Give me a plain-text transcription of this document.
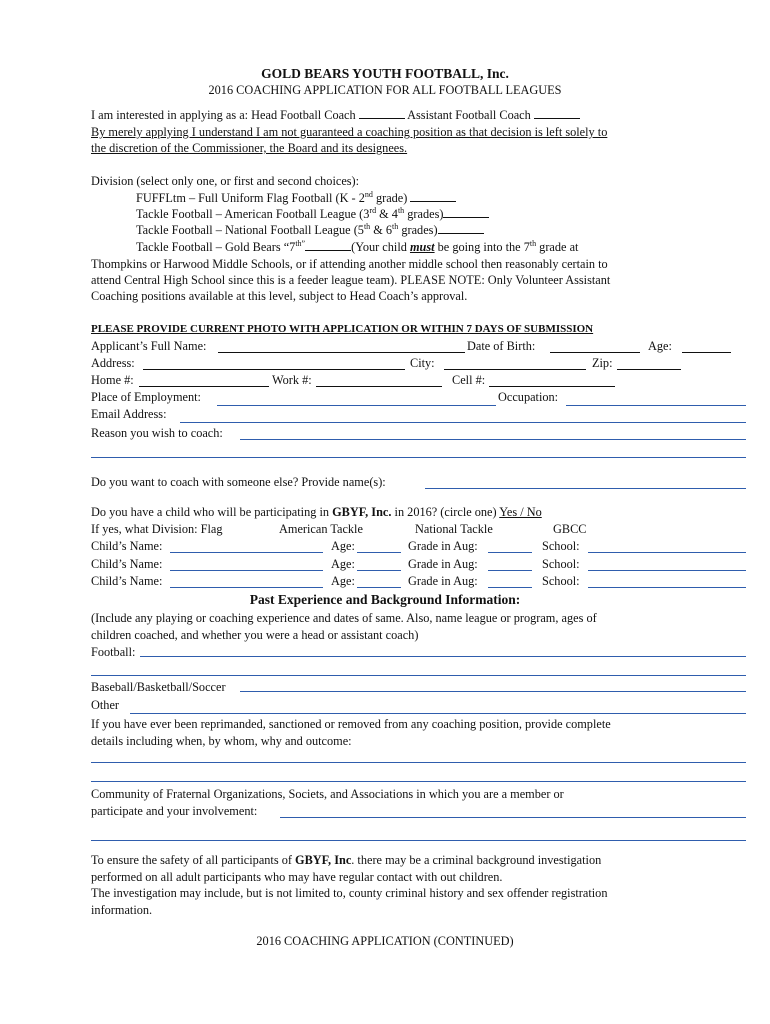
GOLD BEARS YOUTH FOOTBALL, Inc.
2016 COACHING APPLICATION FOR ALL FOOTBALL LEAGUES
I am interested in applying as a: Head Football Coach	Assistant Football Coach
By merely applying I understand I am not guaranteed a coaching position as that decision is left solely to
the discretion of the Commissioner, the Board and its designees.
Division (select only one, or first and second choices):
FUFFLtm – Full Uniform Flag Football (K - 2nd grade)
Tackle Football – American Football League (3rd & 4th grades)
Tackle Football – National Football League (5th & 6th grades)
Tackle Football – Gold Bears “$7^{th”}$	(Your child must be going into the 7th grade at
Thompkins or Harwood Middle Schools, or if attending another middle school then reasonably certain to
attend Central High School since this is a feeder league team). PLEASE NOTE: Only Volunteer Assistant
Coaching positions available at this level, subject to Head Coach’s approval.
PLEASE PROVIDE CURRENT PHOTO WITH APPLICATION OR WITHIN 7 DAYS OF SUBMISSION
Applicant’s Full Name:	Date of Birth:	Age:
Address:	City:	Zip:
Home #:	Work #:	Cell #:
Place of Employment:	Occupation:
Email Address:
Reason you wish to coach:
Do you want to coach with someone else? Provide name(s):
Do you have a child who will be participating in GBYF, Inc. in 2016? (circle one) Yes / No
If yes, what Division: Flag	American Tackle	National Tackle	GBCC
Child’s Name:	Age:	Grade in Aug:	School:
Child’s Name:	Age:	Grade in Aug:	School:
Child’s Name:	Age:	Grade in Aug:	School:
Past Experience and Background Information:
(Include any playing or coaching experience and dates of same. Also, name league or program, ages of
children coached, and whether you were a head or assistant coach)
Football:
Baseball/Basketball/Soccer
Other
If you have ever been reprimanded, sanctioned or removed from any coaching position, provide complete
details including when, by whom, why and outcome:
Community of Fraternal Organizations, Societs, and Associations in which you are a member or
participate and your involvement:
To ensure the safety of all participants of GBYF, Inc. there may be a criminal background investigation
performed on all adult participants who may have regular contact with out children.
The investigation may include, but is not limited to, county criminal history and sex offender registration
information.
2016 COACHING APPLICATION (CONTINUED)
